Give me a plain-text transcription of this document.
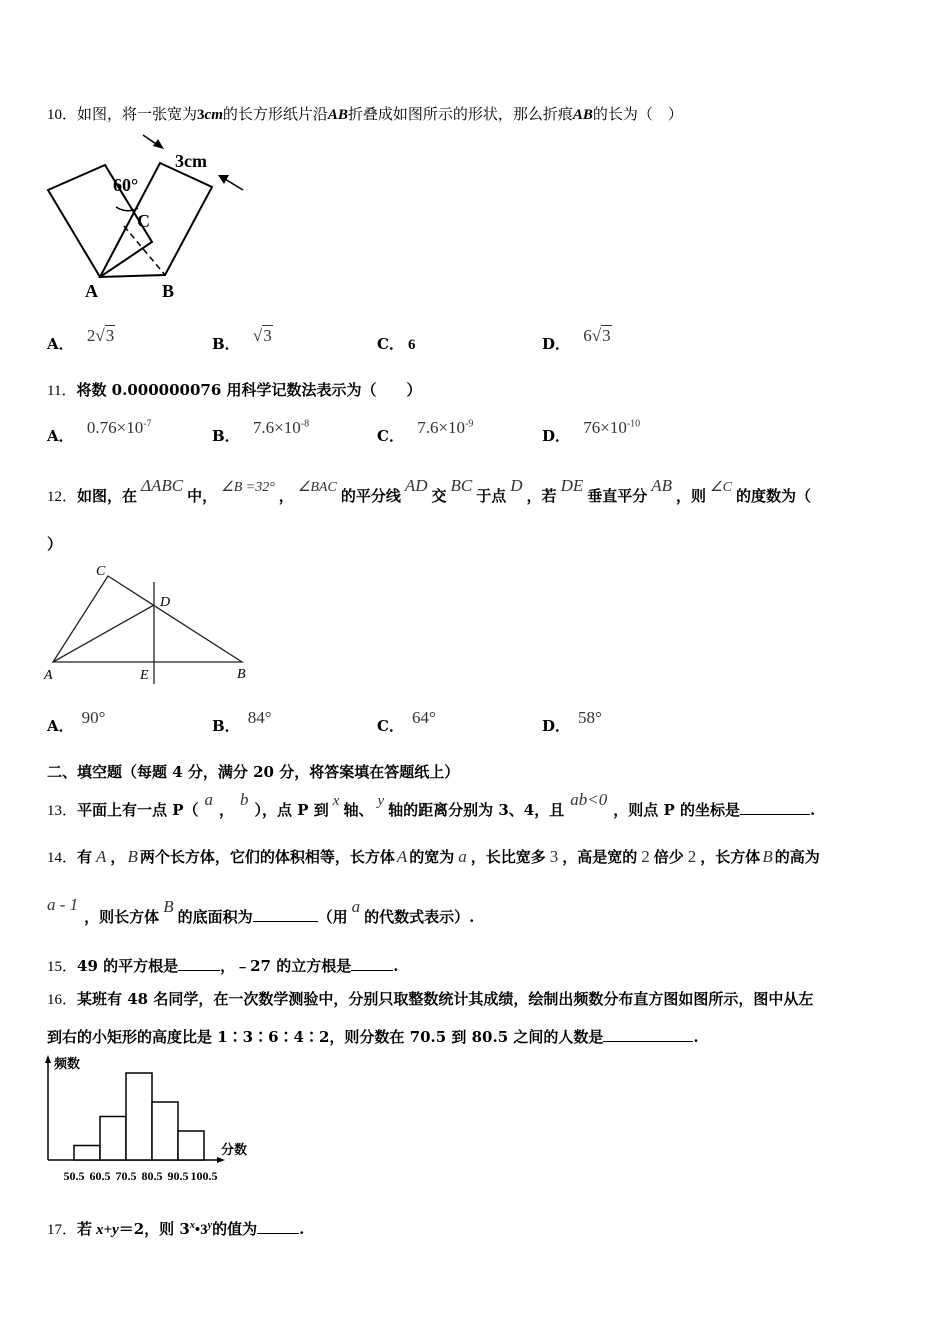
10．如图，将一张宽为3cm的长方形纸片沿AB折叠成如图所示的形状，那么折痕AB的长为（　）
3cm
60°
C
A	B
A． 2√3	B． √3	C． 6	D． 6√3
11．将数 0.000000076 用科学记数法表示为（　　）
A． $0.76\times 10^{-7}$
B． $7.6\times 10^{-8}$
C． $7.6\times 10^{-9}$
D． $76\times 10^{-10}$
12．如图，在ΔABC中， ∠B =32° ， ∠BAC 的平分线AD交BC于点D，若DE垂直平分AB，则 ∠C 的度数为（
）
C
D
A	E	B
A． 90°	B． 84°	C． 64°	D． 58°
二、填空题（每题 4 分，满分 20 分，将答案填在答题纸上）
13．平面上有一点 P（a，b），点 P 到 x 轴、 y 轴的距离分别为 3、4，且ab<0，则点 P 的坐标是	.
14．有 A ， B 两个长方体，它们的体积相等，长方体 A 的宽为 a ，长比宽多 3 ，高是宽的 2 倍少 2 ，长方体 B 的高为
a - 1，则长方体B的底面积为	（用a的代数式表示）.
15．49 的平方根是	，﹣27 的立方根是	.
16．某班有 48 名同学，在一次数学测验中，分别只取整数统计其成绩，绘制出频数分布直方图如图所示，图中从左
到右的小矩形的高度比是 1∶3∶6∶4∶2，则分数在 70.5 到 80.5 之间的人数是	.
频数
分数
50.5 60.5 70.5 80.5 90.5 100.5
17．若 x+y＝2，则 3$^x$•3$^y$的值为	.
